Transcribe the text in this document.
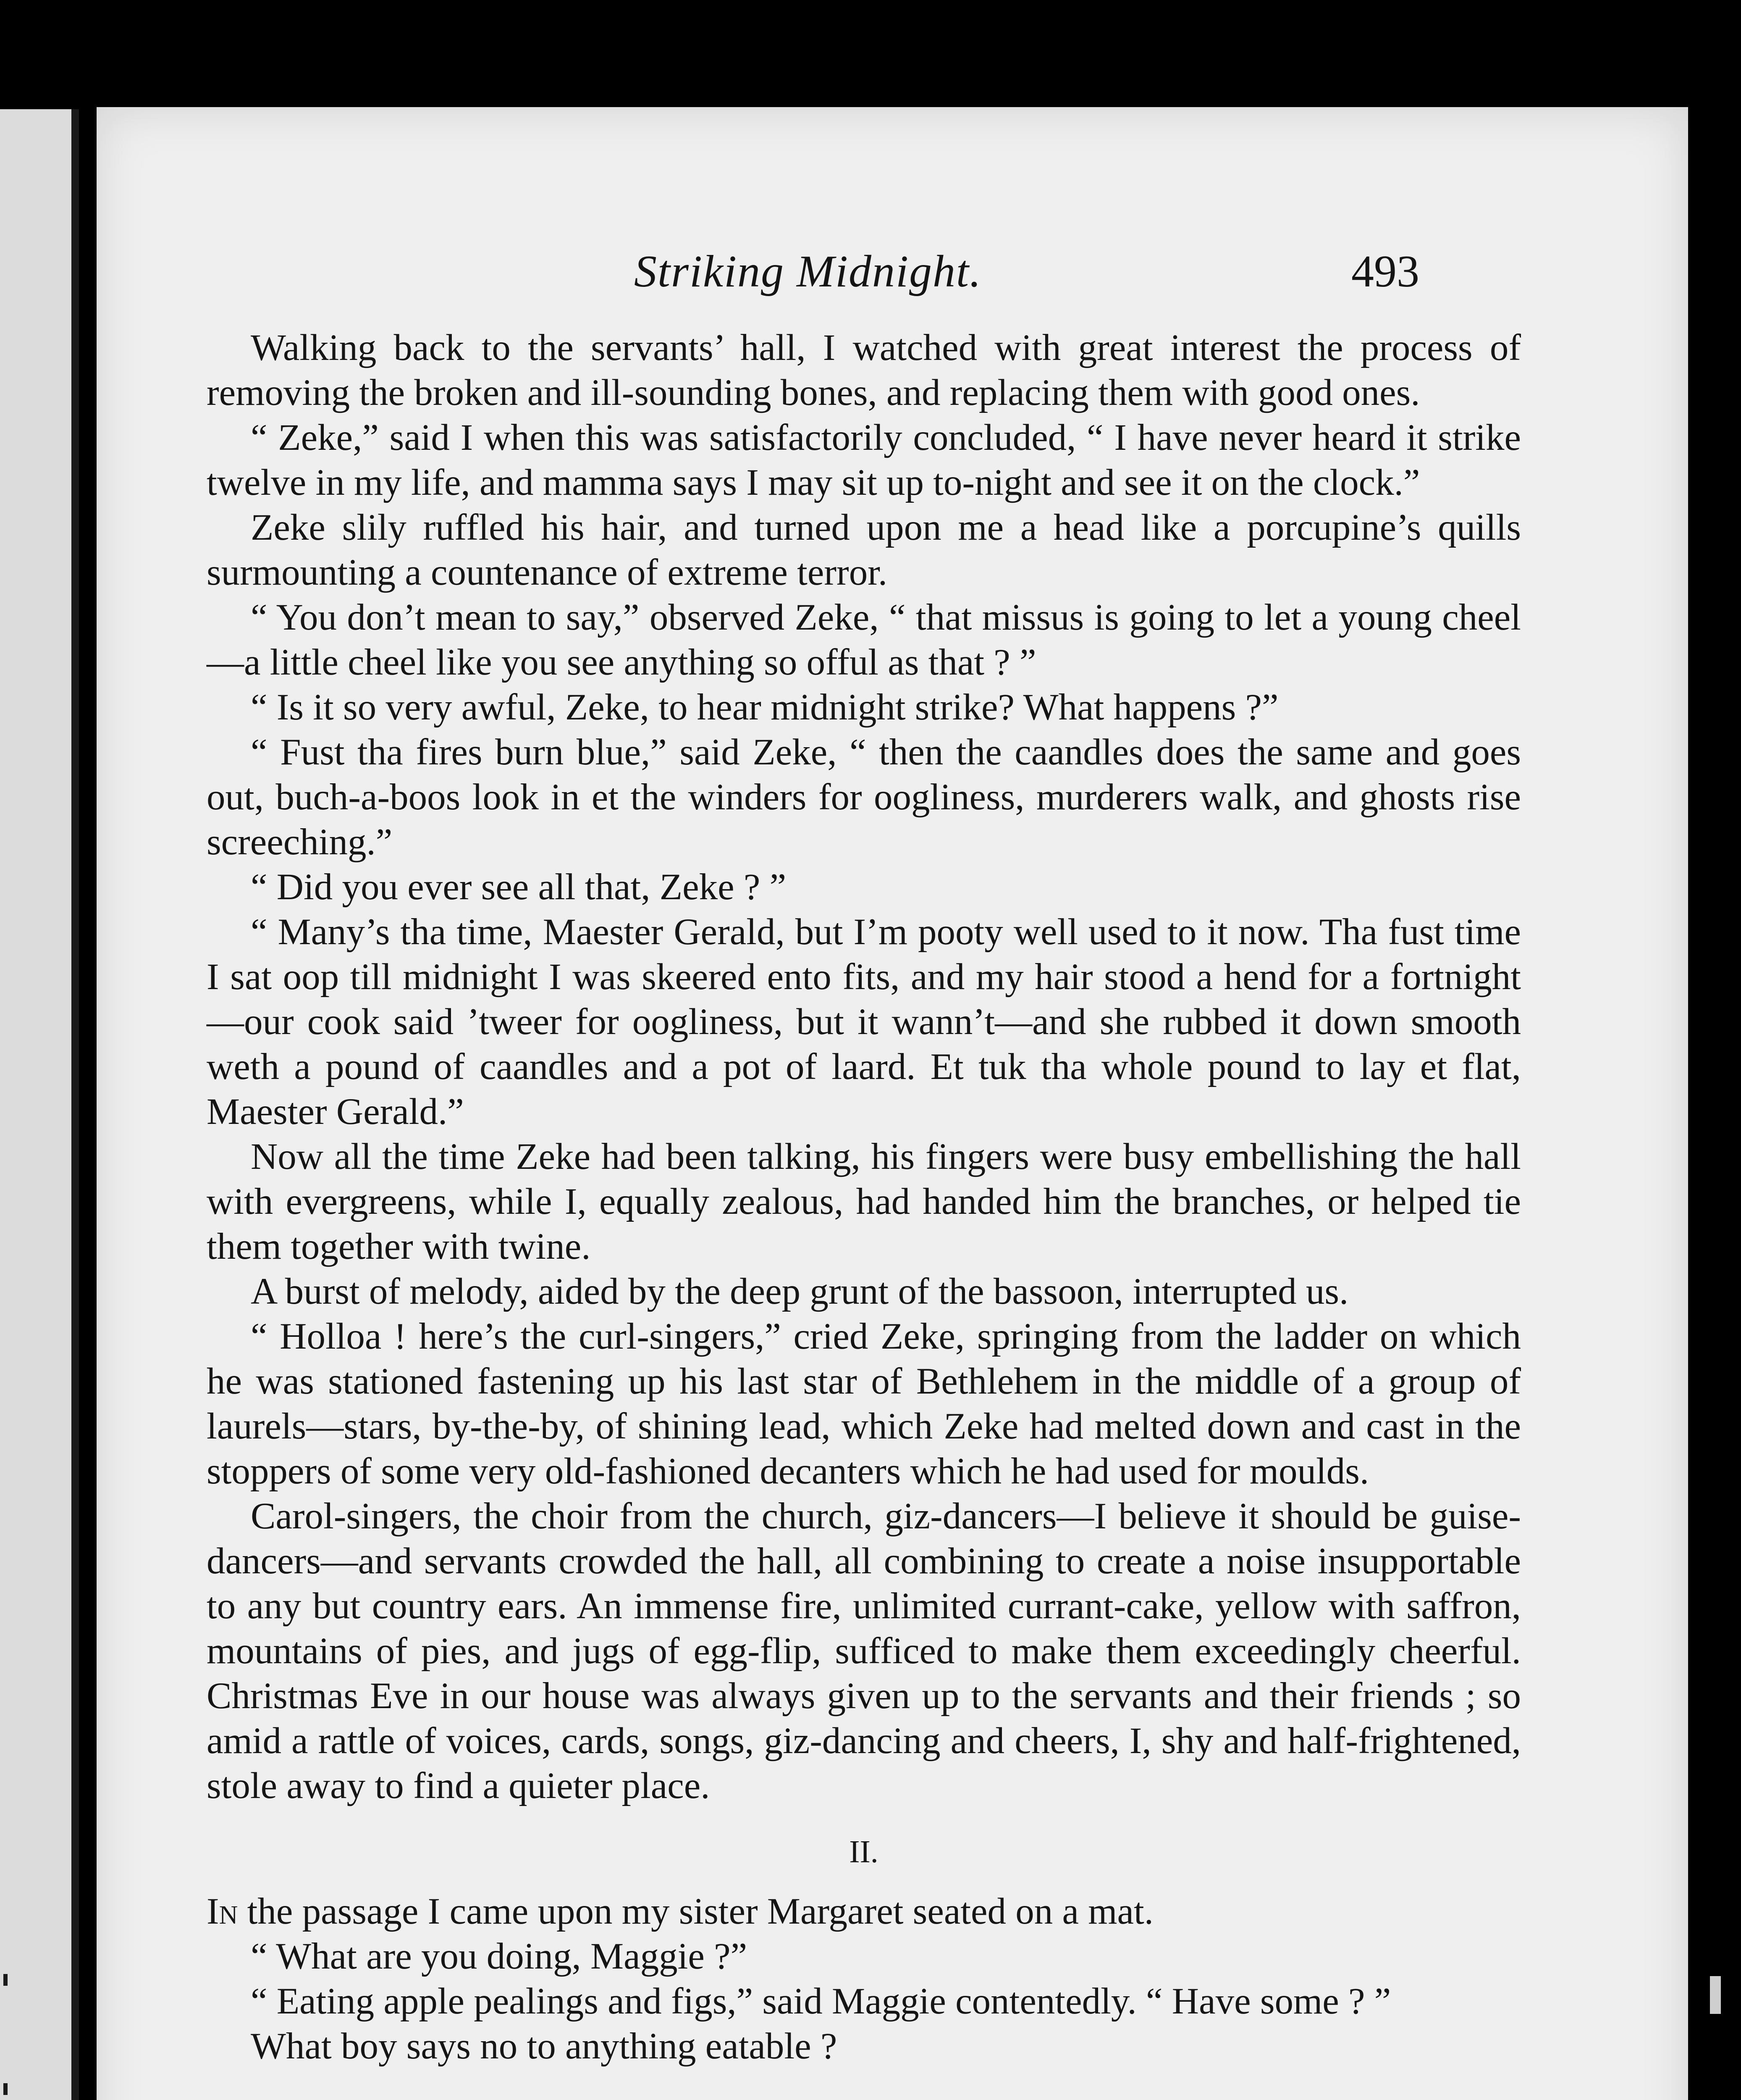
Striking Midnight.	493

Walking back to the servants’ hall, I watched with great interest the process of removing the broken and ill-sounding bones, and replacing them with good ones.

“ Zeke,” said I when this was satisfactorily concluded, “ I have never heard it strike twelve in my life, and mamma says I may sit up to-night and see it on the clock.”

Zeke slily ruffled his hair, and turned upon me a head like a porcupine’s quills surmounting a countenance of extreme terror.

“ You don’t mean to say,” observed Zeke, “ that missus is going to let a young cheel—a little cheel like you see anything so offul as that ? ”

“ Is it so very awful, Zeke, to hear midnight strike? What happens ?”

“ Fust tha fires burn blue,” said Zeke, “ then the caandles does the same and goes out, buch-a-boos look in et the winders for oogliness, murderers walk, and ghosts rise screeching.”

“ Did you ever see all that, Zeke ? ”

“ Many’s tha time, Maester Gerald, but I’m pooty well used to it now. Tha fust time I sat oop till midnight I was skeered ento fits, and my hair stood a hend for a fortnight—our cook said ’tweer for oogliness, but it wann’t—and she rubbed it down smooth weth a pound of caandles and a pot of laard. Et tuk tha whole pound to lay et flat, Maester Gerald.”

Now all the time Zeke had been talking, his fingers were busy embellishing the hall with evergreens, while I, equally zealous, had handed him the branches, or helped tie them together with twine.

A burst of melody, aided by the deep grunt of the bassoon, interrupted us.

“ Holloa ! here’s the curl-singers,” cried Zeke, springing from the ladder on which he was stationed fastening up his last star of Bethlehem in the middle of a group of laurels—stars, by-the-by, of shining lead, which Zeke had melted down and cast in the stoppers of some very old-fashioned decanters which he had used for moulds.

Carol-singers, the choir from the church, giz-dancers—I believe it should be guise-dancers—and servants crowded the hall, all combining to create a noise insupportable to any but country ears. An immense fire, unlimited currant-cake, yellow with saffron, mountains of pies, and jugs of egg-flip, sufficed to make them exceedingly cheerful. Christmas Eve in our house was always given up to the servants and their friends ; so amid a rattle of voices, cards, songs, giz-dancing and cheers, I, shy and half-frightened, stole away to find a quieter place.

II.

In the passage I came upon my sister Margaret seated on a mat.

“ What are you doing, Maggie ?”

“ Eating apple pealings and figs,” said Maggie contentedly. “ Have some ? ”

What boy says no to anything eatable ?
